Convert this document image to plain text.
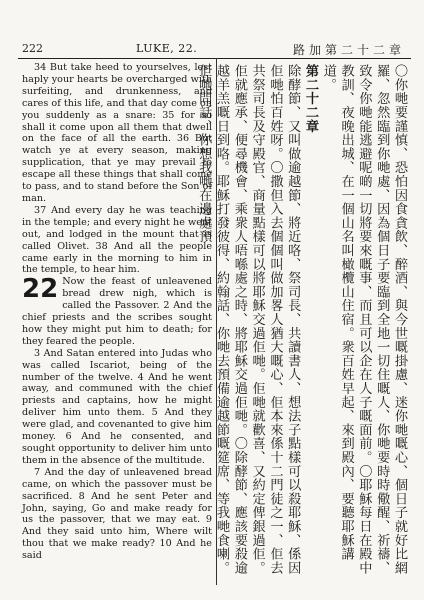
222	LUKE, 22.	路加第二十二章

34 But take heed to yourselves, lest haply your hearts be overcharged with surfeiting, and drunkenness, and cares of this life, and that day come on you suddenly as a snare: 35 for so shall it come upon all them that dwell on the face of all the earth. 36 But watch ye at every season, making supplication, that ye may prevail to escape all these things that shall come to pass, and to stand before the Son of man.

37 And every day he was teaching in the temple; and every night he went out, and lodged in the mount that is called Olivet. 38 And all the people came early in the morning to him in the temple, to hear him.

22 Now the feast of unleavened bread drew nigh, which is called the Passover. 2 And the chief priests and the scribes sought how they might put him to death; for they feared the people.

3 And Satan entered into Judas who was called Iscariot, being of the number of the twelve. 4 And he went away, and communed with the chief priests and captains, how he might deliver him unto them. 5 And they were glad, and covenanted to give him money. 6 And he consented, and sought opportunity to deliver him unto them in the absence of the multitude.

7 And the day of unleavened bread came, on which the passover must be sacrificed. 8 And he sent Peter and John, saying, Go and make ready for us the passover, that we may eat. 9 And they said unto him, Where wilt thou that we make ready? 10 And he said	〇你哋要謹慎、恐怕因食貪飲、醉酒、與今世嘅掛慮、迷你哋嘅心、個日子就好比網羅、忽然臨到你哋處、因為個日子要臨到全地一切住嘅人、你哋要時時儆醒、祈禱、致令你哋能逃避呢啲一切將要來嘅事、而且可以企在人子嘅面前。〇耶穌每日在殿中教訓、夜晚出城、在一個山名叫橄欖山住宿。衆百姓早起、來到殿內、要聽耶穌講道。

第二十二章

除酵節、又叫做逾越節、將近咯、祭司長、共讀書人、想法子點樣可以殺耶穌、係因佢哋怕百姓呀。〇撒但入去個個叫做加畧人猶大嘅心、佢本來係十二門徒之一、佢去共祭司長及守殿官、商量點樣可以將耶穌交過佢哋。佢哋就歡喜、又約定俾銀過佢。佢就應承、便尋機會、乘衆人唔喺處之時、將耶穌交過佢哋。〇除酵節、應該要殺逾越羊羔嘅日到咯。耶穌打發彼得、約翰話、你哋去預備逾越節嘅筵席、等我哋食喇。佢哋問話、你想我哋在邊處預
